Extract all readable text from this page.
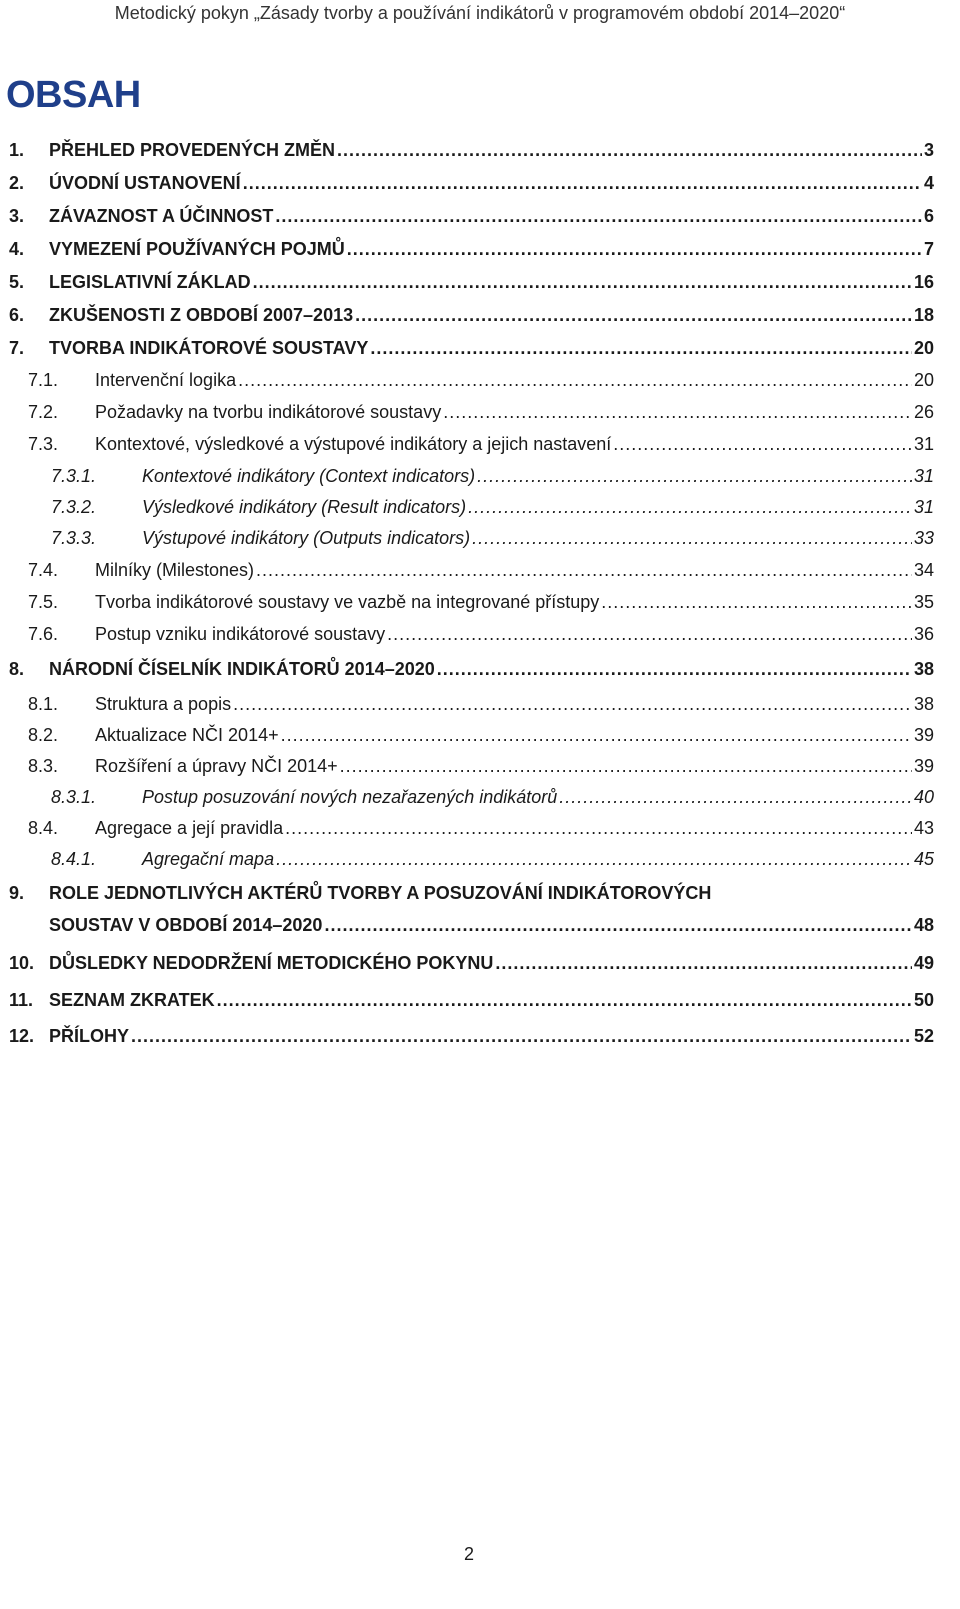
Metodický pokyn „Zásady tvorby a používání indikátorů v programovém období 2014–2020“
OBSAH
1. PŘEHLED PROVEDENÝCH ZMĚN .....	3
2. ÚVODNÍ USTANOVENÍ .....	4
3. ZÁVAZNOST A ÚČINNOST .....	6
4. VYMEZENÍ POUŽÍVANÝCH POJMŮ .....	7
5. LEGISLATIVNÍ ZÁKLAD .....	16
6. ZKUŠENOSTI Z OBDOBÍ 2007–2013 .....	18
7. TVORBA INDIKÁTOROVÉ SOUSTAVY .....	20
7.1. Intervenční logika .....	20
7.2. Požadavky na tvorbu indikátorové soustavy .....	26
7.3. Kontextové, výsledkové a výstupové indikátory a jejich nastavení .....	31
7.3.1.	Kontextové indikátory (Context indicators) .....	31
7.3.2.	Výsledkové indikátory (Result indicators) .....	31
7.3.3.	Výstupové indikátory (Outputs indicators) .....	33
7.4. Milníky (Milestones) .....	34
7.5. Tvorba indikátorové soustavy ve vazbě na integrované přístupy .....	35
7.6. Postup vzniku indikátorové soustavy .....	36
8. NÁRODNÍ ČÍSELNÍK INDIKÁTORŮ 2014–2020 .....	38
8.1. Struktura a popis .....	38
8.2. Aktualizace NČI 2014+ .....	39
8.3. Rozšíření a úpravy NČI 2014+ .....	39
8.3.1.	Postup posuzování nových nezařazených indikátorů .....	40
8.4. Agregace a její pravidla .....	43
8.4.1.	Agregační mapa .....	45
9. ROLE JEDNOTLIVÝCH AKTÉRŮ TVORBY A POSUZOVÁNÍ INDIKÁTOROVÝCH
SOUSTAV V OBDOBÍ 2014–2020 .....	48
10. DŮSLEDKY NEDODRŽENÍ METODICKÉHO POKYNU .....	49
11. SEZNAM ZKRATEK .....	50
12. PŘÍLOHY .....	52
2
